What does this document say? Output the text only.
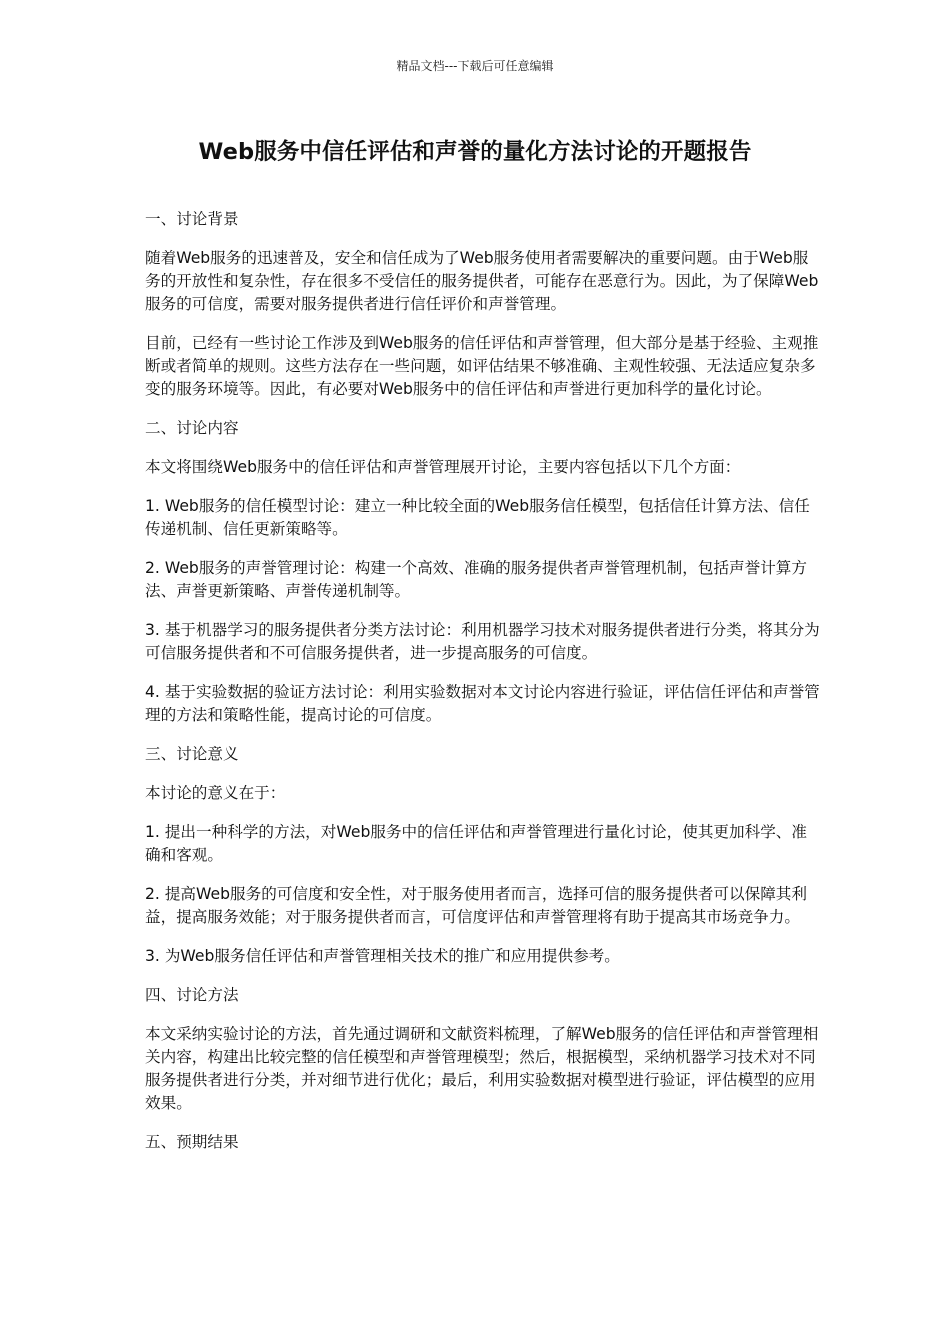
精品文档---下载后可任意编辑
Web服务中信任评估和声誉的量化方法讨论的开题报告

一、讨论背景

随着Web服务的迅速普及，安全和信任成为了Web服务使用者需要解决的重要问题。由于Web服务的开放性和复杂性，存在很多不受信任的服务提供者，可能存在恶意行为。因此，为了保障Web服务的可信度，需要对服务提供者进行信任评价和声誉管理。

目前，已经有一些讨论工作涉及到Web服务的信任评估和声誉管理，但大部分是基于经验、主观推断或者简单的规则。这些方法存在一些问题，如评估结果不够准确、主观性较强、无法适应复杂多变的服务环境等。因此，有必要对Web服务中的信任评估和声誉进行更加科学的量化讨论。

二、讨论内容

本文将围绕Web服务中的信任评估和声誉管理展开讨论，主要内容包括以下几个方面：

1. Web服务的信任模型讨论：建立一种比较全面的Web服务信任模型，包括信任计算方法、信任传递机制、信任更新策略等。

2. Web服务的声誉管理讨论：构建一个高效、准确的服务提供者声誉管理机制，包括声誉计算方法、声誉更新策略、声誉传递机制等。

3. 基于机器学习的服务提供者分类方法讨论：利用机器学习技术对服务提供者进行分类，将其分为可信服务提供者和不可信服务提供者，进一步提高服务的可信度。

4. 基于实验数据的验证方法讨论：利用实验数据对本文讨论内容进行验证，评估信任评估和声誉管理的方法和策略性能，提高讨论的可信度。

三、讨论意义

本讨论的意义在于：

1. 提出一种科学的方法，对Web服务中的信任评估和声誉管理进行量化讨论，使其更加科学、准确和客观。

2. 提高Web服务的可信度和安全性，对于服务使用者而言，选择可信的服务提供者可以保障其利益，提高服务效能；对于服务提供者而言，可信度评估和声誉管理将有助于提高其市场竞争力。

3. 为Web服务信任评估和声誉管理相关技术的推广和应用提供参考。

四、讨论方法

本文采纳实验讨论的方法，首先通过调研和文献资料梳理，了解Web服务的信任评估和声誉管理相关内容，构建出比较完整的信任模型和声誉管理模型；然后，根据模型，采纳机器学习技术对不同服务提供者进行分类，并对细节进行优化；最后，利用实验数据对模型进行验证，评估模型的应用效果。

五、预期结果
